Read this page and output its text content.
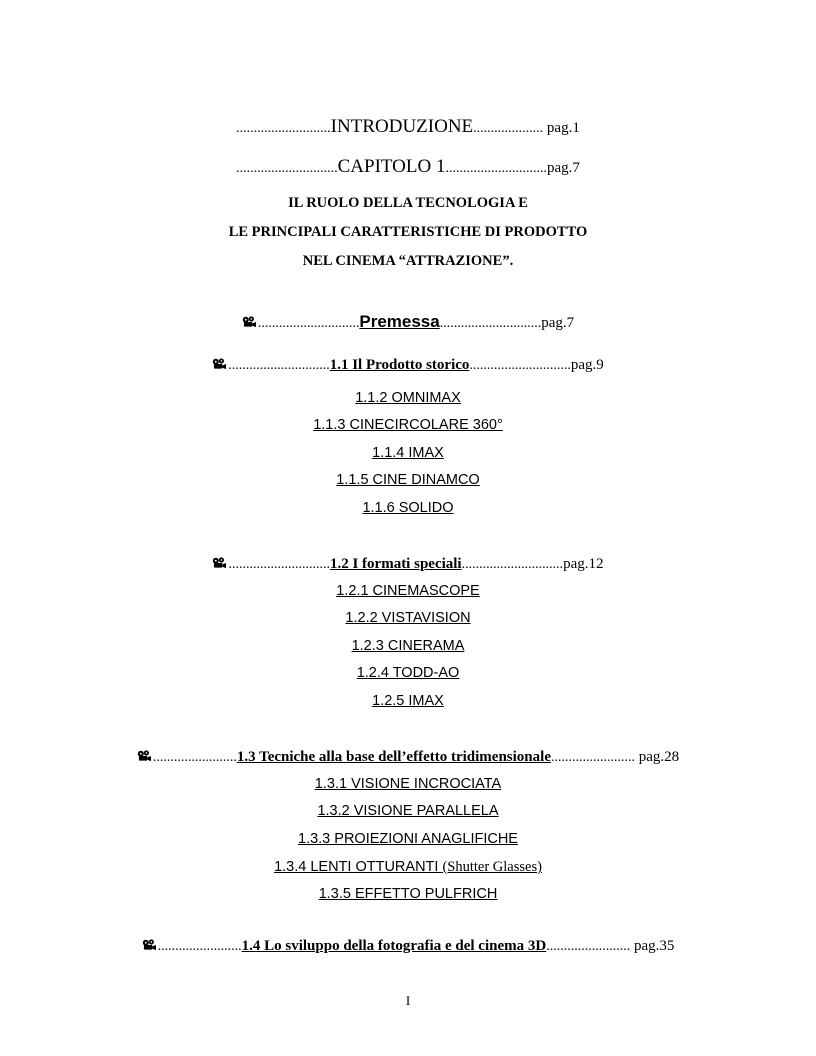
...........................INTRODUZIONE.................... pag.1
.............................CAPITOLO 1.............................pag.7
IL RUOLO DELLA TECNOLOGIA E
LE PRINCIPALI CARATTERISTICHE DI PRODOTTO
NEL CINEMA “ATTRAZIONE”.
.............................Premessa.............................pag.7
.............................1.1 Il Prodotto storico.............................pag.9
1.1.2 OMNIMAX
1.1.3 CINECIRCOLARE 360°
1.1.4 IMAX
1.1.5 CINE DINAMCO
1.1.6 SOLIDO
.............................1.2 I formati speciali.............................pag.12
1.2.1 CINEMASCOPE
1.2.2 VISTAVISION
1.2.3 CINERAMA
1.2.4 TODD-AO
1.2.5 IMAX
........................1.3 Tecniche alla base dell’effetto tridimensionale........................ pag.28
1.3.1 VISIONE INCROCIATA
1.3.2 VISIONE PARALLELA
1.3.3 PROIEZIONI ANAGLIFICHE
1.3.4 LENTI OTTURANTI (Shutter Glasses)
1.3.5 EFFETTO PULFRICH
........................1.4 Lo sviluppo della fotografia e del cinema 3D........................ pag.35
I
